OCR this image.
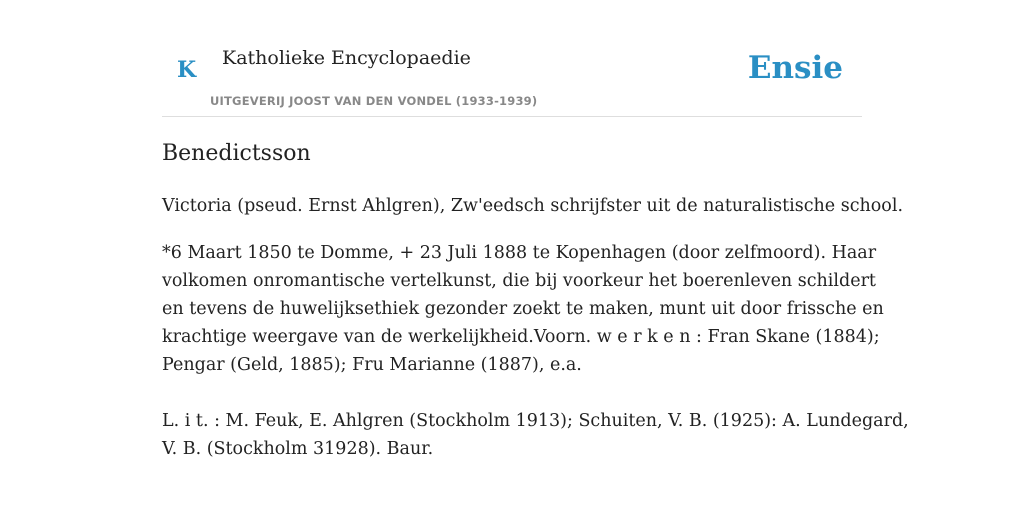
K Katholieke Encyclopaedie
UITGEVERIJ JOOST VAN DEN VONDEL (1933-1939)
Ensie
Benedictsson

Victoria (pseud. Ernst Ahlgren), Zw'eedsch schrijfster uit de naturalistische school.

*6 Maart 1850 te Domme, + 23 Juli 1888 te Kopenhagen (door zelfmoord). Haar
volkomen onromantische vertelkunst, die bij voorkeur het boerenleven schildert
en tevens de huwelijksethiek gezonder zoekt te maken, munt uit door frissche en
krachtige weergave van de werkelijkheid.Voorn. w e r k e n : Fran Skane (1884);
Pengar (Geld, 1885); Fru Marianne (1887), e.a.

L. i t. : M. Feuk, E. Ahlgren (Stockholm 1913); Schuiten, V. B. (1925): A. Lundegard,
V. B. (Stockholm 31928). Baur.
